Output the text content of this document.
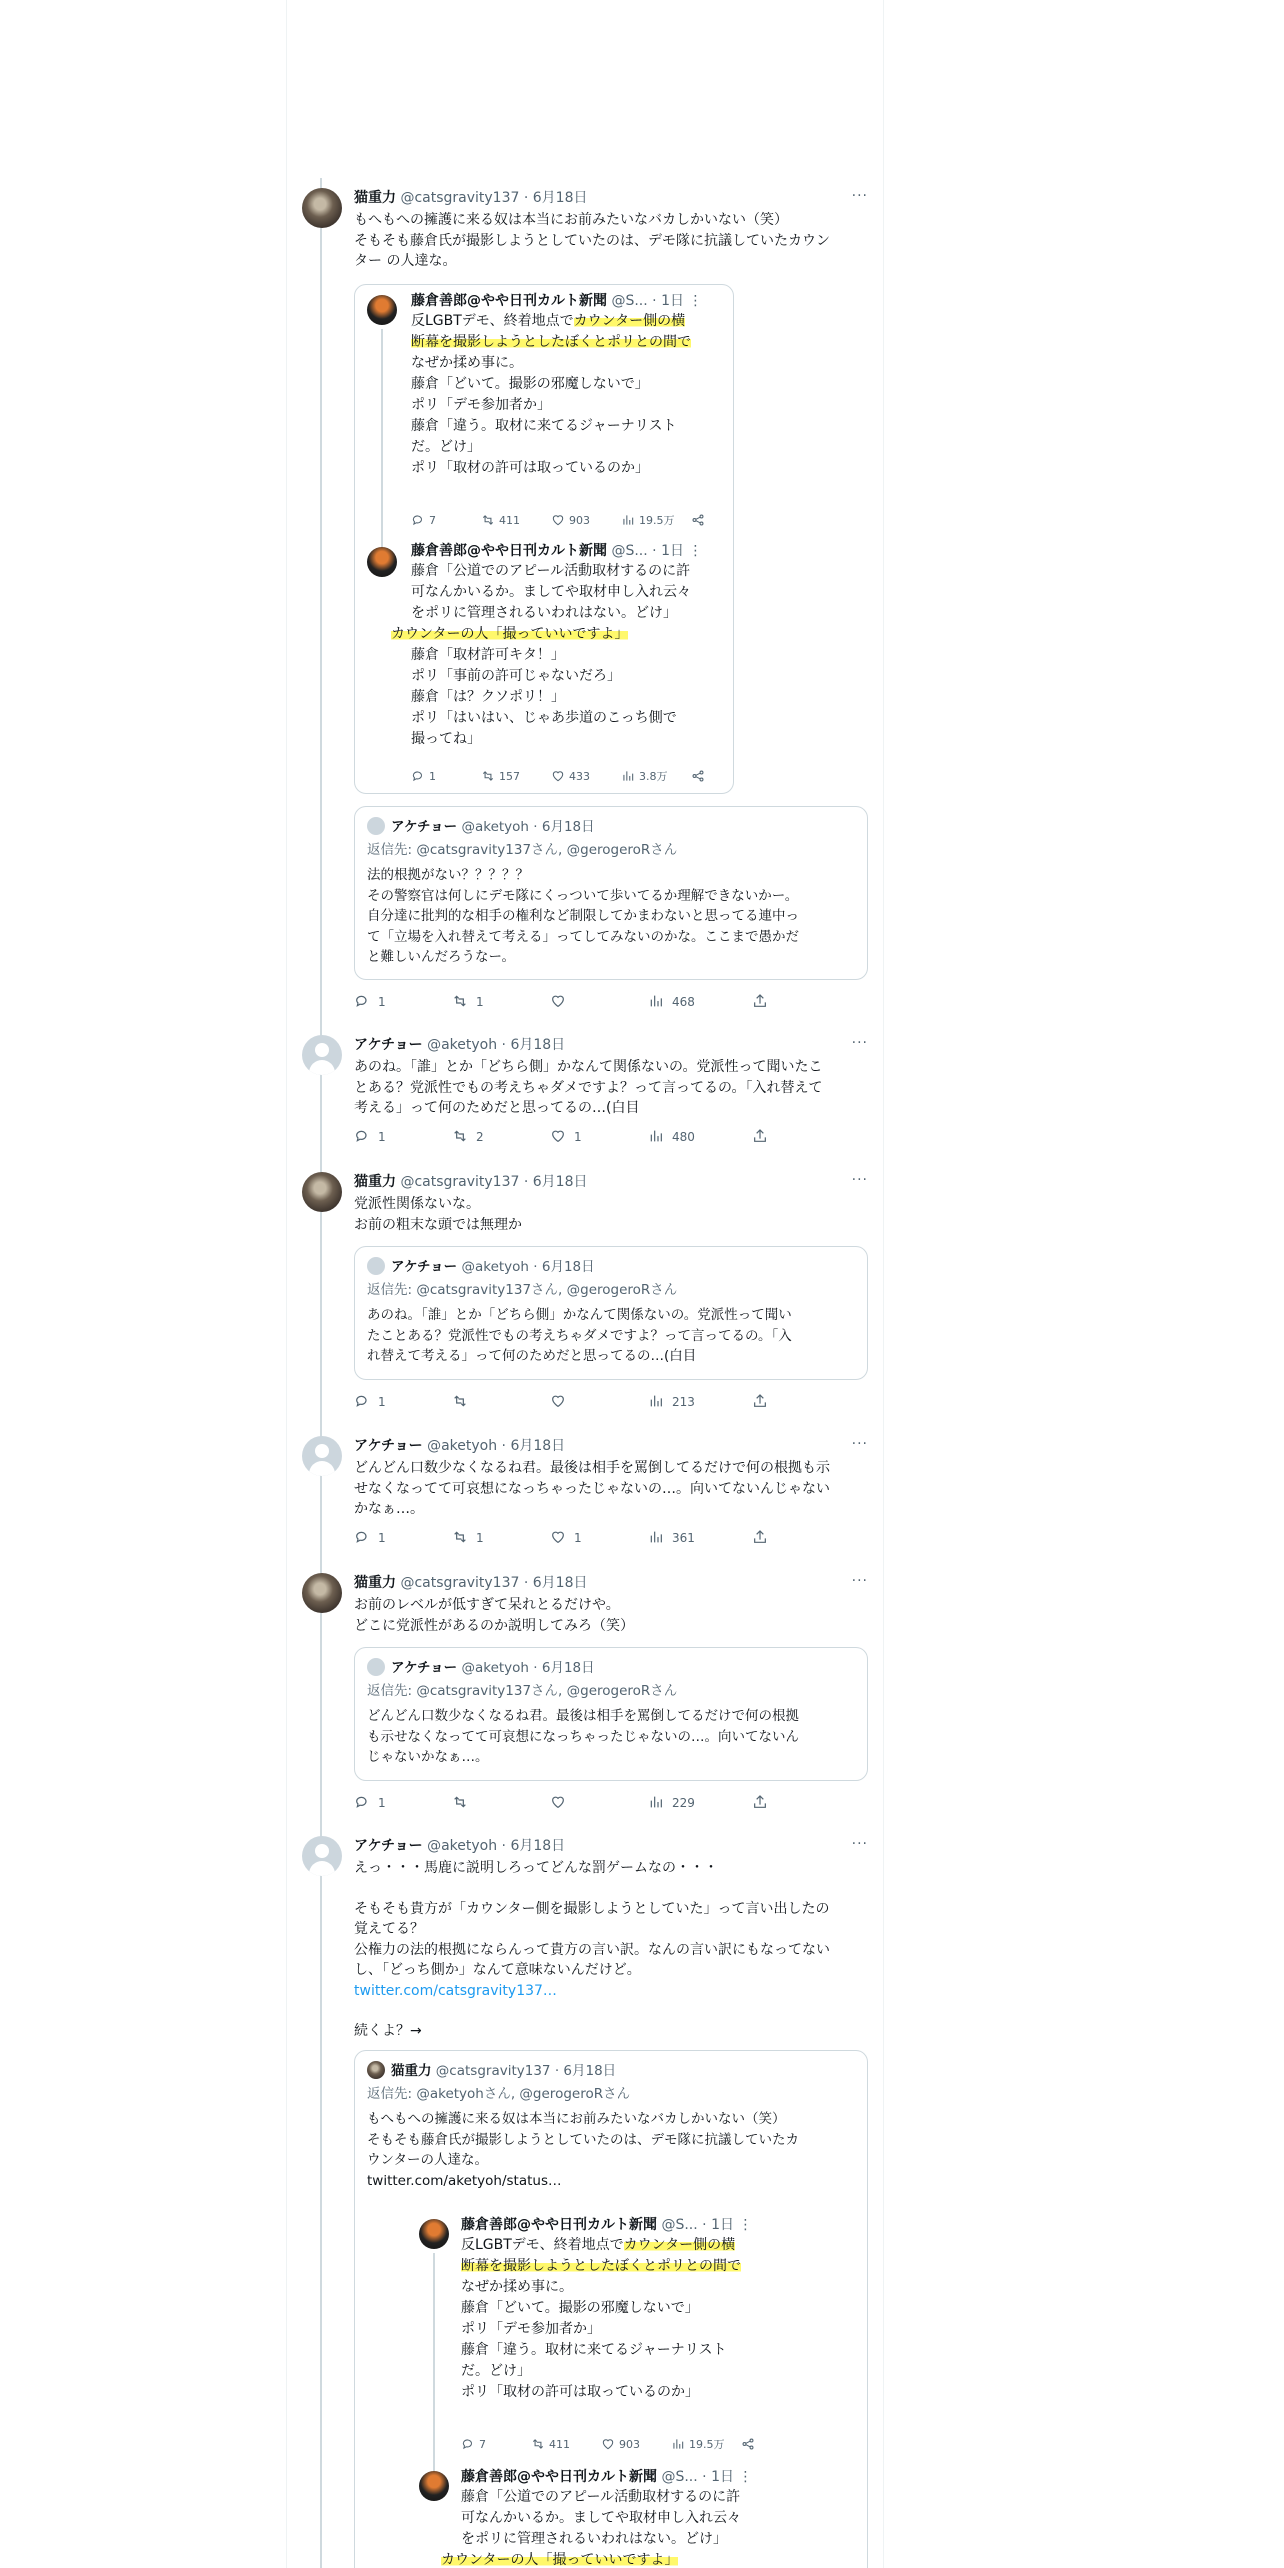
猫重力 @catsgravity137 · 6月18日	···

もへもへの擁護に来る奴は本当にお前みたいなバカしかいない（笑）

そもそも藤倉氏が撮影しようとしていたのは、デモ隊に抗議していたカウン

ター の人達な。

藤倉善郎@やや日刊カルト新聞 @S... · 1日 ⋮

反LGBTデモ、終着地点でカウンター側の横

断幕を撮影しようとしたぼくとポリとの間で

なぜか揉め事に。

藤倉「どいて。撮影の邪魔しないで」

ポリ「デモ参加者か」

藤倉「違う。取材に来てるジャーナリスト

だ。どけ」

ポリ「取材の許可は取っているのか」

7	411	903	19.5万
藤倉善郎@やや日刊カルト新聞 @S... · 1日 ⋮

藤倉「公道でのアピール活動取材するのに許

可なんかいるか。ましてや取材申し入れ云々

をポリに管理されるいわれはない。どけ」

カウンターの人「撮っていいですよ」

藤倉「取材許可キタ！」

ポリ「事前の許可じゃないだろ」

藤倉「は？クソポリ！」

ポリ「はいはい、じゃあ歩道のこっち側で

撮ってね」

1	157	433	3.8万
アケチョー @aketyoh · 6月18日
返信先: @catsgravity137さん, @gerogeroRさん

法的根拠がない？？？？？

その警察官は何しにデモ隊にくっついて歩いてるか理解できないかー。

自分達に批判的な相手の権利など制限してかまわないと思ってる連中っ

て「立場を入れ替えて考える」ってしてみないのかな。ここまで愚かだ

と難しいんだろうなー。

1	1	468
アケチョー @aketyoh · 6月18日	···

あのね。「誰」とか「どちら側」かなんて関係ないの。党派性って聞いたこ

とある？党派性でもの考えちゃダメですよ？って言ってるの。「入れ替えて

考える」って何のためだと思ってるの…(白目

1	2	1	480
猫重力 @catsgravity137 · 6月18日	···

党派性関係ないな。

お前の粗末な頭では無理か

アケチョー @aketyoh · 6月18日
返信先: @catsgravity137さん, @gerogeroRさん

あのね。「誰」とか「どちら側」かなんて関係ないの。党派性って聞い

たことある？党派性でもの考えちゃダメですよ？って言ってるの。「入

れ替えて考える」って何のためだと思ってるの…(白目

1	213
アケチョー @aketyoh · 6月18日	···

どんどん口数少なくなるね君。最後は相手を罵倒してるだけで何の根拠も示

せなくなってて可哀想になっちゃったじゃないの…。向いてないんじゃない

かなぁ…。

1	1	1	361
猫重力 @catsgravity137 · 6月18日	···

お前のレベルが低すぎて呆れとるだけや。

どこに党派性があるのか説明してみろ（笑）

アケチョー @aketyoh · 6月18日
返信先: @catsgravity137さん, @gerogeroRさん

どんどん口数少なくなるね君。最後は相手を罵倒してるだけで何の根拠

も示せなくなってて可哀想になっちゃったじゃないの…。向いてないん

じゃないかなぁ…。

1	229
アケチョー @aketyoh · 6月18日	···

えっ・・・馬鹿に説明しろってどんな罰ゲームなの・・・

そもそも貴方が「カウンター側を撮影しようとしていた」って言い出したの

覚えてる？

公権力の法的根拠にならんって貴方の言い訳。なんの言い訳にもなってない

し、「どっち側か」なんて意味ないんだけど。

twitter.com/catsgravity137…

続くよ？→

猫重力 @catsgravity137 · 6月18日
返信先: @aketyohさん, @gerogeroRさん

もへもへの擁護に来る奴は本当にお前みたいなバカしかいない（笑）

そもそも藤倉氏が撮影しようとしていたのは、デモ隊に抗議していたカ

ウンターの人達な。

twitter.com/aketyoh/status…

藤倉善郎@やや日刊カルト新聞 @S... · 1日 ⋮

反LGBTデモ、終着地点でカウンター側の横

断幕を撮影しようとしたぼくとポリとの間で

なぜか揉め事に。

藤倉「どいて。撮影の邪魔しないで」

ポリ「デモ参加者か」

藤倉「違う。取材に来てるジャーナリスト

だ。どけ」

ポリ「取材の許可は取っているのか」

7	411	903	19.5万
藤倉善郎@やや日刊カルト新聞 @S... · 1日 ⋮

藤倉「公道でのアピール活動取材するのに許

可なんかいるか。ましてや取材申し入れ云々

をポリに管理されるいわれはない。どけ」

カウンターの人「撮っていいですよ」
